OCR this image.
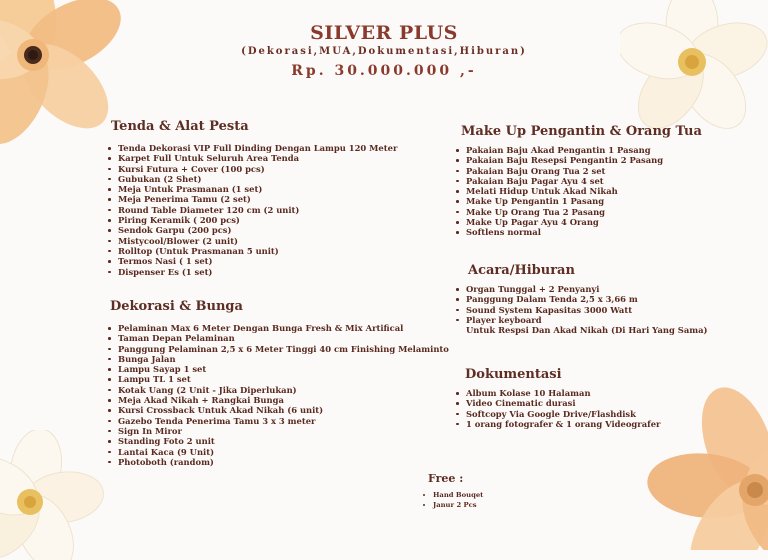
SILVER PLUS
(Dekorasi,MUA,Dokumentasi,Hiburan)
Rp. 30.000.000 ,-
Tenda & Alat Pesta
Tenda Dekorasi VIP Full Dinding Dengan Lampu 120 Meter
Karpet Full Untuk Seluruh Area Tenda
Kursi Futura + Cover (100 pcs)
Gubukan (2 Shet)
Meja Untuk Prasmanan (1 set)
Meja Penerima Tamu (2 set)
Round Table Diameter 120 cm (2 unit)
Piring Keramik ( 200 pcs)
Sendok Garpu (200 pcs)
Mistycool/Blower (2 unit)
Rolltop (Untuk Prasmanan 5 unit)
Termos Nasi ( 1 set)
Dispenser Es (1 set)
Dekorasi & Bunga
Pelaminan Max 6 Meter Dengan Bunga Fresh & Mix Artifical
Taman Depan Pelaminan
Panggung Pelaminan 2,5 x 6 Meter Tinggi 40 cm Finishing Melaminto
Bunga Jalan
Lampu Sayap 1 set
Lampu TL 1 set
Kotak Uang (2 Unit - Jika Diperlukan)
Meja Akad Nikah + Rangkai Bunga
Kursi Crossback Untuk Akad Nikah (6 unit)
Gazebo Tenda Penerima Tamu 3 x 3 meter
Sign In Miror
Standing Foto 2 unit
Lantai Kaca (9 Unit)
Photoboth (random)
Make Up Pengantin & Orang Tua
Pakaian Baju Akad Pengantin 1 Pasang
Pakaian Baju Resepsi Pengantin 2 Pasang
Pakaian Baju Orang Tua 2 set
Pakaian Baju Pagar Ayu 4 set
Melati Hidup Untuk Akad Nikah
Make Up Pengantin 1 Pasang
Make Up Orang Tua 2 Pasang
Make Up Pagar Ayu 4 Orang
Softlens normal
Acara/Hiburan
Organ Tunggal + 2 Penyanyi
Panggung Dalam Tenda 2,5 x 3,66 m
Sound System Kapasitas 3000 Watt
Player keyboard
Untuk Respsi Dan Akad Nikah (Di Hari Yang Sama)
Dokumentasi
Album Kolase 10 Halaman
Video Cinematic durasi
Softcopy Via Google Drive/Flashdisk
1 orang fotografer & 1 orang Videografer
Free :
Hand Bouqet
Janur 2 Pcs
